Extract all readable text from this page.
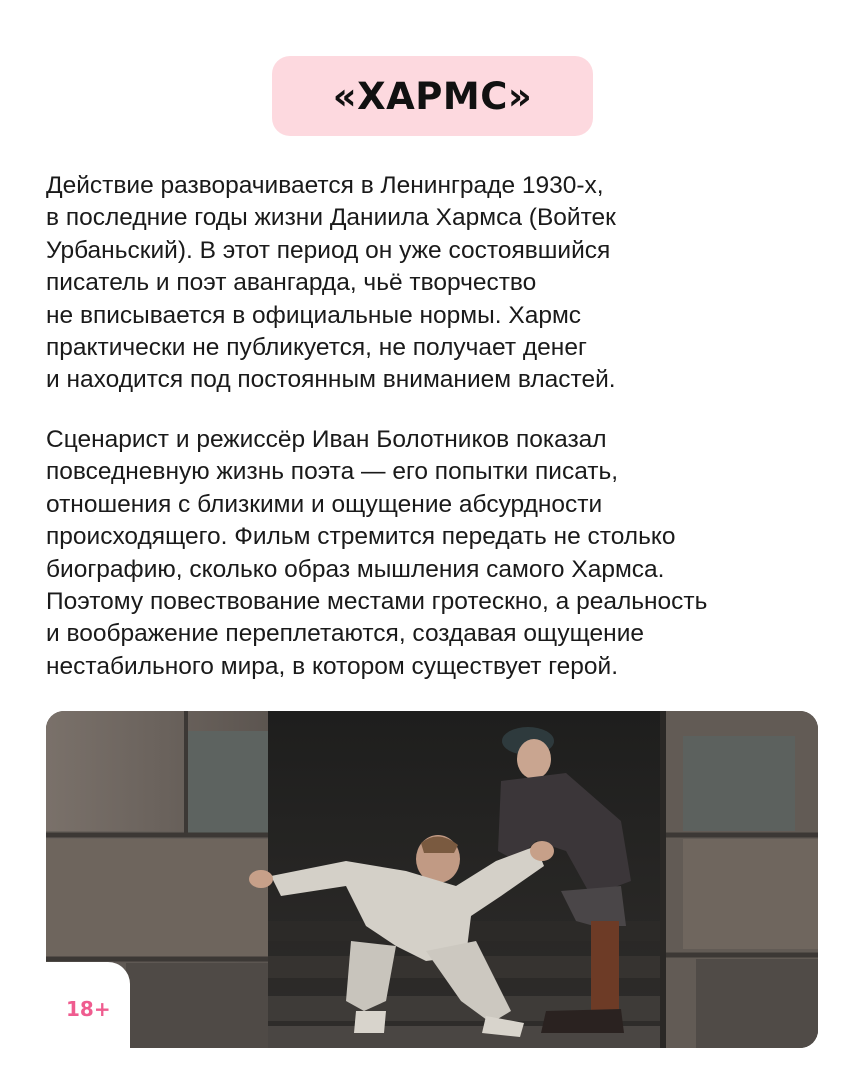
«ХАРМС»

Действие разворачивается в Ленинграде 1930-х,
в последние годы жизни Даниила Хармса (Войтек
Урбаньский). В этот период он уже состоявшийся
писатель и поэт авангарда, чьё творчество
не вписывается в официальные нормы. Хармс
практически не публикуется, не получает денег
и находится под постоянным вниманием властей.

Сценарист и режиссёр Иван Болотников показал
повседневную жизнь поэта — его попытки писать,
отношения с близкими и ощущение абсурдности
происходящего. Фильм стремится передать не столько
биографию, сколько образ мышления самого Хармса.
Поэтому повествование местами гротескно, а реальность
и воображение переплетаются, создавая ощущение
нестабильного мира, в котором существует герой.

18+
